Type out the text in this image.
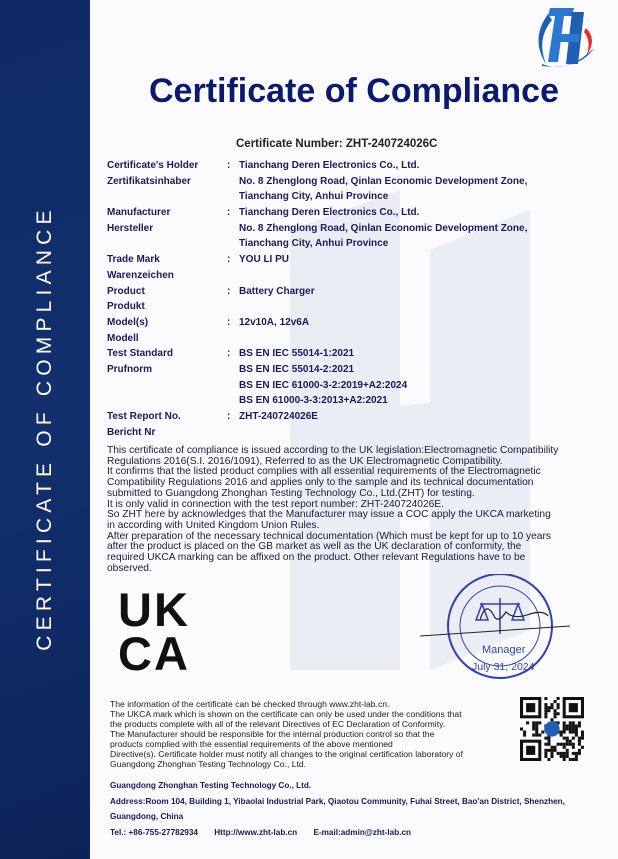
CERTIFICATE OF COMPLIANCE
Certificate of Compliance
Certificate Number: ZHT-240724026C
Certificate's Holder	: Tianchang Deren Electronics Co., Ltd.
Zertifikatsinhaber	No. 8 Zhenglong Road, Qinlan Economic Development Zone,
Tianchang City, Anhui Province
Manufacturer	: Tianchang Deren Electronics Co., Ltd.
Hersteller	No. 8 Zhenglong Road, Qinlan Economic Development Zone,
Tianchang City, Anhui Province
Trade Mark	: YOU LI PU
Warenzeichen
Product	: Battery Charger
Produkt
Model(s)	: 12v10A, 12v6A
Modell
Test Standard	: BS EN IEC 55014-1:2021
Prufnorm	BS EN IEC 55014-2:2021
BS EN IEC 61000-3-2:2019+A2:2024
BS EN 61000-3-3:2013+A2:2021
Test Report No.	: ZHT-240724026E
Bericht Nr
This certificate of compliance is issued according to the UK legislation:Electromagnetic Compatibility
Regulations 2016(S.I. 2016/1091), Referred to as the UK Electromagnetic Compatibility.
It confirms that the listed product complies with all essential requirements of the Electromagnetic
Compatibility Regulations 2016 and applies only to the sample and its technical documentation
submitted to Guangdong Zhonghan Testing Technology Co., Ltd.(ZHT) for testing.
It is only valid in connection with the test report number: ZHT-240724026E.
So ZHT here by acknowledges that the Manufacturer may issue a COC apply the UKCA marketing
in according with United Kingdom Union Rules.
After preparation of the necessary technical documentation (Which must be kept for up to 10 years
after the product is placed on the GB market as well as the UK declaration of conformity, the
required UKCA marking can be affixed on the product. Other relevant Regulations have to be
observed.
UK
CA	Manager
July 31, 2024
The information of the certificate can be checked through www.zht-lab.cn.
The UKCA mark which is shown on the certificate can only be used under the conditions that
the products complete with all of the relevant Directives of EC Declaration of Conformity.
The Manufacturer should be responsible for the internal production control so that the
products complied with the essential requirements of the above mentioned
Directive(s). Certificate holder must notify all changes to the original certification laboratory of
Guangdong Zhonghan Testing Technology Co., Ltd.
Guangdong Zhonghan Testing Technology Co., Ltd.
Address:Room 104, Building 1, Yibaolai Industrial Park, Qiaotou Community, Fuhai Street, Bao'an District, Shenzhen,
Guangdong, China
Tel.: +86-755-27782934 Http://www.zht-lab.cn E-mail:admin@zht-lab.cn
